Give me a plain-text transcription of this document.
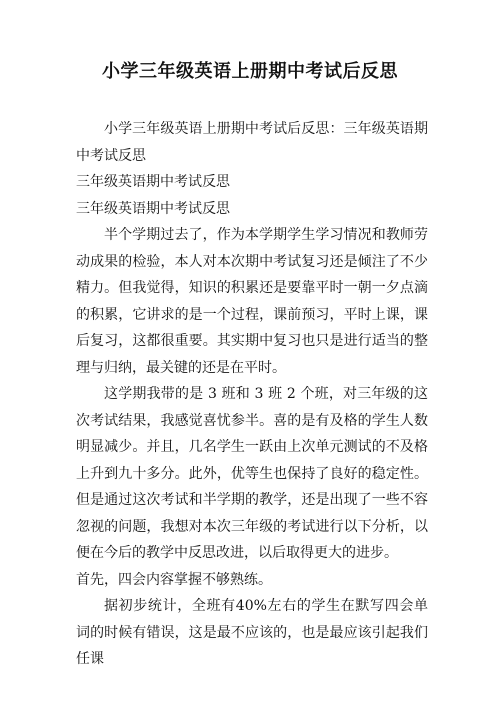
小学三年级英语上册期中考试后反思

小学三年级英语上册期中考试后反思：三年级英语期中考试反思

三年级英语期中考试反思

三年级英语期中考试反思

半个学期过去了，作为本学期学生学习情况和教师劳动成果的检验，本人对本次期中考试复习还是倾注了不少精力。但我觉得，知识的积累还是要靠平时一朝一夕点滴的积累，它讲求的是一个过程，课前预习，平时上课，课后复习，这都很重要。其实期中复习也只是进行适当的整理与归纳，最关键的还是在平时。

这学期我带的是 3 班和 3 班 2 个班，对三年级的这次考试结果，我感觉喜忧参半。喜的是有及格的学生人数明显减少。并且，几名学生一跃由上次单元测试的不及格上升到九十多分。此外，优等生也保持了良好的稳定性。但是通过这次考试和半学期的教学，还是出现了一些不容忽视的问题，我想对本次三年级的考试进行以下分析，以便在今后的教学中反思改进，以后取得更大的进步。

首先，四会内容掌握不够熟练。

据初步统计，全班有40%左右的学生在默写四会单词的时候有错误，这是最不应该的，也是最应该引起我们任课
